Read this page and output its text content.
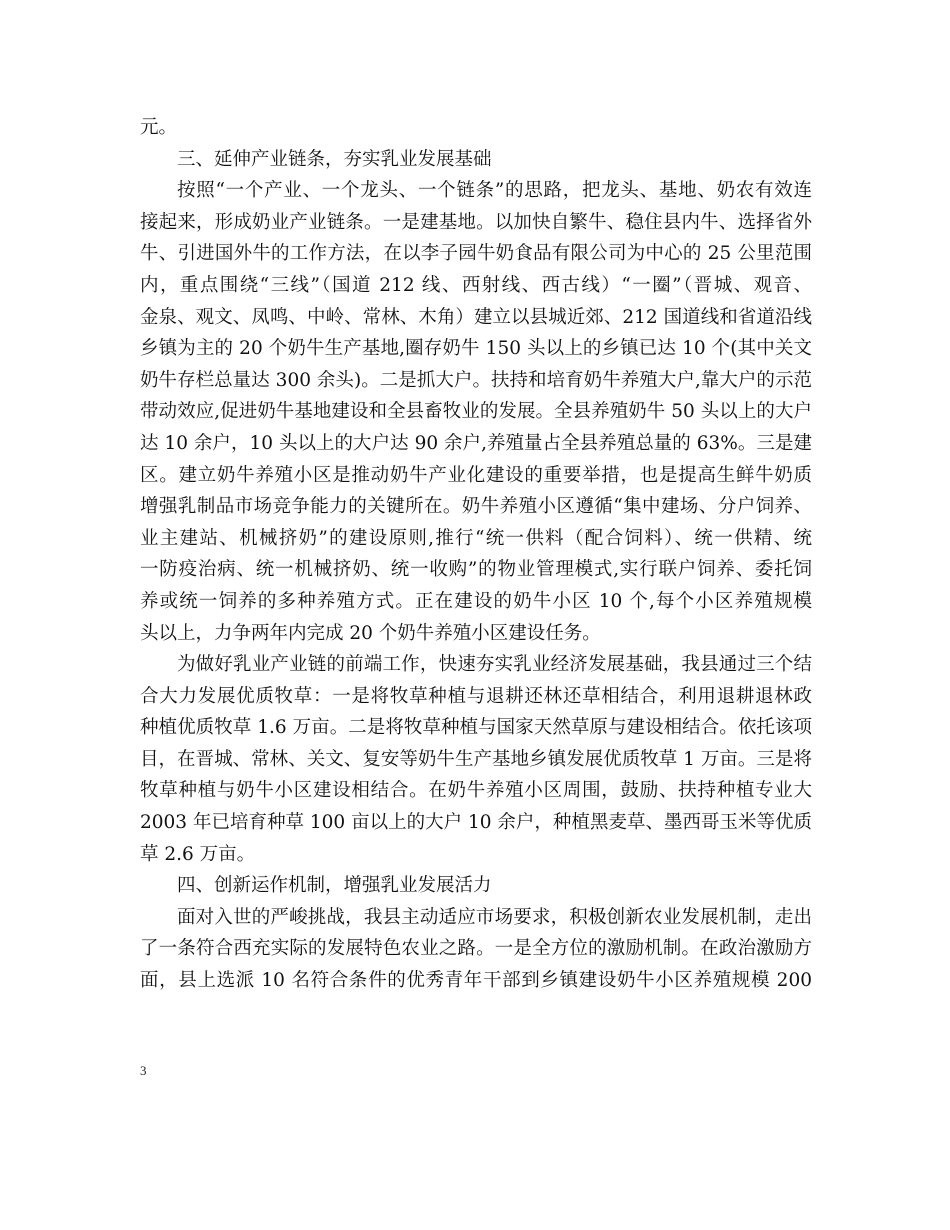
元。
三、延伸产业链条，夯实乳业发展基础
按照“一个产业、一个龙头、一个链条”的思路，把龙头、基地、奶农有效连
接起来，形成奶业产业链条。一是建基地。以加快自繁牛、稳住县内牛、选择省外
牛、引进国外牛的工作方法，在以李子园牛奶食品有限公司为中心的 25 公里范围
内，重点围绕“三线”（国道 212 线、西射线、西古线）“一圈”（晋城、观音、
金泉、观文、凤鸣、中岭、常林、木角）建立以县城近郊、212 国道线和省道沿线
乡镇为主的 20 个奶牛生产基地,圈存奶牛 150 头以上的乡镇已达 10 个(其中关文
奶牛存栏总量达 300 余头)。二是抓大户。扶持和培育奶牛养殖大户,靠大户的示范
带动效应,促进奶牛基地建设和全县畜牧业的发展。全县养殖奶牛 50 头以上的大户
达 10 余户，10 头以上的大户达 90 余户,养殖量占全县养殖总量的 63%。三是建
区。建立奶牛养殖小区是推动奶牛产业化建设的重要举措，也是提高生鲜牛奶质
增强乳制品市场竞争能力的关键所在。奶牛养殖小区遵循“集中建场、分户饲养、
业主建站、机械挤奶”的建设原则,推行“统一供料（配合饲料）、统一供精、统
一防疫治病、统一机械挤奶、统一收购”的物业管理模式,实行联户饲养、委托饲
养或统一饲养的多种养殖方式。正在建设的奶牛小区 10 个,每个小区养殖规模
头以上，力争两年内完成 20 个奶牛养殖小区建设任务。
为做好乳业产业链的前端工作，快速夯实乳业经济发展基础，我县通过三个结
合大力发展优质牧草：一是将牧草种植与退耕还林还草相结合，利用退耕退林政
种植优质牧草 1.6 万亩。二是将牧草种植与国家天然草原与建设相结合。依托该项
目，在晋城、常林、关文、复安等奶牛生产基地乡镇发展优质牧草 1 万亩。三是将
牧草种植与奶牛小区建设相结合。在奶牛养殖小区周围，鼓励、扶持种植专业大
2003 年已培育种草 100 亩以上的大户 10 余户，种植黑麦草、墨西哥玉米等优质
草 2.6 万亩。
四、创新运作机制，增强乳业发展活力
面对入世的严峻挑战，我县主动适应市场要求，积极创新农业发展机制，走出
了一条符合西充实际的发展特色农业之路。一是全方位的激励机制。在政治激励方
面，县上选派 10 名符合条件的优秀青年干部到乡镇建设奶牛小区养殖规模 200
3
